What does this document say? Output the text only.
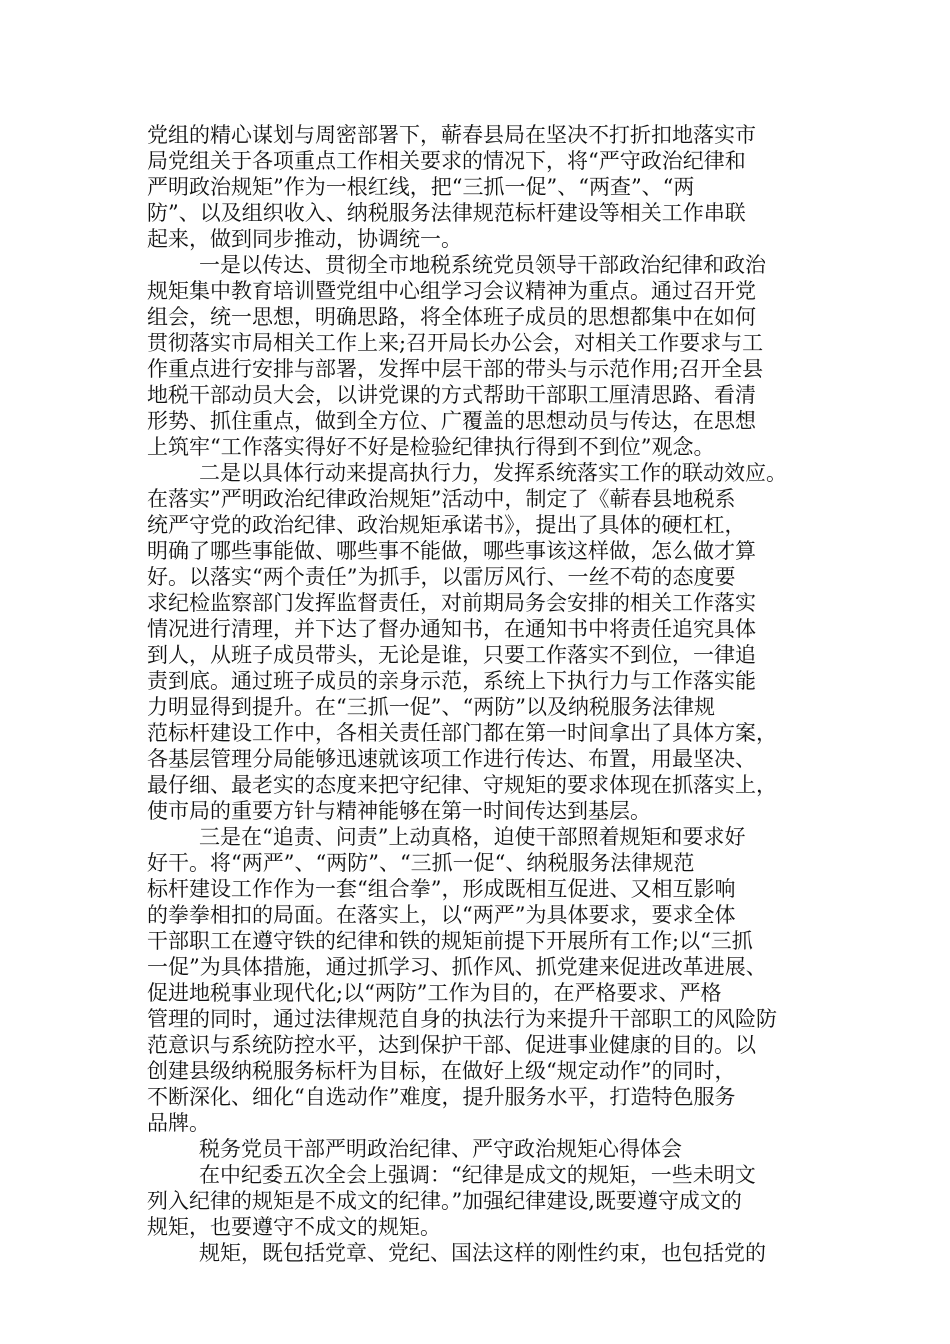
党组的精心谋划与周密部署下，蕲春县局在坚决不打折扣地落实市
局党组关于各项重点工作相关要求的情况下，将“严守政治纪律和
严明政治规矩”作为一根红线，把“三抓一促”、“两查”、“两
防”、以及组织收入、纳税服务法律规范标杆建设等相关工作串联
起来，做到同步推动，协调统一。
一是以传达、贯彻全市地税系统党员领导干部政治纪律和政治
规矩集中教育培训暨党组中心组学习会议精神为重点。通过召开党
组会，统一思想，明确思路，将全体班子成员的思想都集中在如何
贯彻落实市局相关工作上来;召开局长办公会，对相关工作要求与工
作重点进行安排与部署，发挥中层干部的带头与示范作用;召开全县
地税干部动员大会，以讲党课的方式帮助干部职工厘清思路、看清
形势、抓住重点，做到全方位、广覆盖的思想动员与传达，在思想
上筑牢“工作落实得好不好是检验纪律执行得到不到位”观念。
二是以具体行动来提高执行力，发挥系统落实工作的联动效应。
在落实”严明政治纪律政治规矩”活动中，制定了《蕲春县地税系
统严守党的政治纪律、政治规矩承诺书》，提出了具体的硬杠杠，
明确了哪些事能做、哪些事不能做，哪些事该这样做，怎么做才算
好。以落实“两个责任”为抓手，以雷厉风行、一丝不苟的态度要
求纪检监察部门发挥监督责任，对前期局务会安排的相关工作落实
情况进行清理，并下达了督办通知书，在通知书中将责任追究具体
到人，从班子成员带头，无论是谁，只要工作落实不到位，一律追
责到底。通过班子成员的亲身示范，系统上下执行力与工作落实能
力明显得到提升。在“三抓一促”、“两防”以及纳税服务法律规
范标杆建设工作中，各相关责任部门都在第一时间拿出了具体方案，
各基层管理分局能够迅速就该项工作进行传达、布置，用最坚决、
最仔细、最老实的态度来把守纪律、守规矩的要求体现在抓落实上，
使市局的重要方针与精神能够在第一时间传达到基层。
三是在“追责、问责”上动真格，迫使干部照着规矩和要求好
好干。将“两严”、“两防”、“三抓一促“、纳税服务法律规范
标杆建设工作作为一套“组合拳”，形成既相互促进、又相互影响
的拳拳相扣的局面。在落实上，以“两严”为具体要求，要求全体
干部职工在遵守铁的纪律和铁的规矩前提下开展所有工作;以“三抓
一促”为具体措施，通过抓学习、抓作风、抓党建来促进改革进展、
促进地税事业现代化;以“两防”工作为目的，在严格要求、严格
管理的同时，通过法律规范自身的执法行为来提升干部职工的风险防
范意识与系统防控水平，达到保护干部、促进事业健康的目的。以
创建县级纳税服务标杆为目标，在做好上级“规定动作”的同时，
不断深化、细化“自选动作”难度，提升服务水平，打造特色服务
品牌。
税务党员干部严明政治纪律、严守政治规矩心得体会
在中纪委五次全会上强调：“纪律是成文的规矩，一些未明文
列入纪律的规矩是不成文的纪律。”加强纪律建设,既要遵守成文的
规矩，也要遵守不成文的规矩。
规矩，既包括党章、党纪、国法这样的刚性约束，也包括党的
